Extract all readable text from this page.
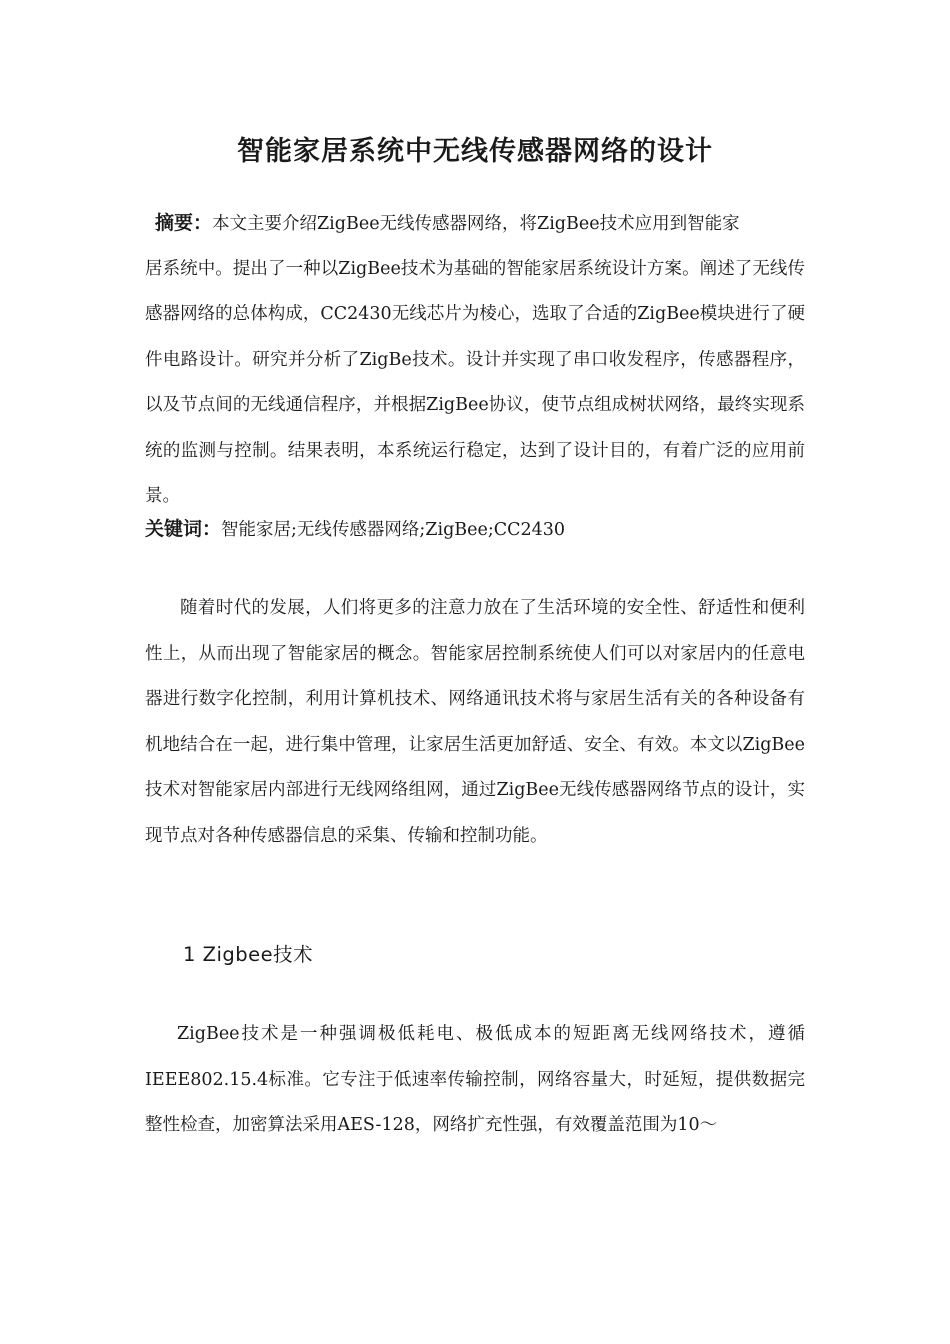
智能家居系统中无线传感器网络的设计
摘要：本文主要介绍ZigBee无线传感器网络，将ZigBee技术应用到智能家
居系统中。提出了一种以ZigBee技术为基础的智能家居系统设计方案。阐述了无线传感器网络的总体构成，CC2430无线芯片为棱心，选取了合适的ZigBee模块进行了硬件电路设计。研究并分析了ZigBe技术。设计并实现了串口收发程序，传感器程序，以及节点间的无线通信程序，并根据ZigBee协议，使节点组成树状网络，最终实现系统的监测与控制。结果表明，本系统运行稳定，达到了设计目的，有着广泛的应用前景。
关键词：智能家居;无线传感器网络;ZigBee;CC2430
随着时代的发展，人们将更多的注意力放在了生活环境的安全性、舒适性和便利性上，从而出现了智能家居的概念。智能家居控制系统使人们可以对家居内的任意电器进行数字化控制，利用计算机技术、网络通讯技术将与家居生活有关的各种设备有机地结合在一起，进行集中管理，让家居生活更加舒适、安全、有效。本文以ZigBee技术对智能家居内部进行无线网络组网，通过ZigBee无线传感器网络节点的设计，实现节点对各种传感器信息的采集、传输和控制功能。
1 Zigbee技术
ZigBee技术是一种强调极低耗电、极低成本的短距离无线网络技术，遵循IEEE802.15.4标准。它专注于低速率传输控制，网络容量大，时延短，提供数据完整性检查，加密算法采用AES-128，网络扩充性强，有效覆盖范围为10～
